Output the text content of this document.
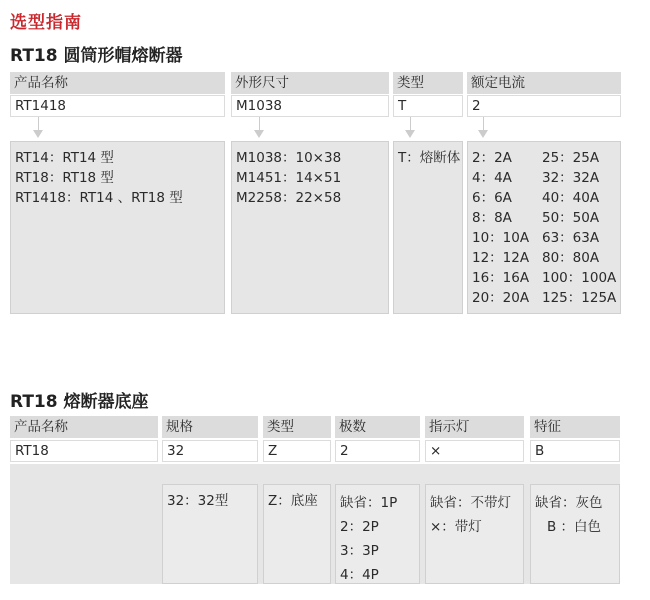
选型指南
RT18 圆筒形帽熔断器
产品名称	外形尺寸	类型	额定电流
RT1418	M1038	T	2
RT14：RT14 型
RT18：RT18 型
RT1418：RT14 、RT18 型
M1038：10×38
M1451：14×51
M2258：22×58
T：熔断体 2：2A	25：25A
4：4A	32：32A
6：6A	40：40A
8：8A	50：50A
10：10A 63：63A
12：12A 80：80A
16：16A 100：100A
20：20A 125：125A
RT18 熔断器底座
产品名称	规格	类型	极数	指示灯	特征
RT18	32	Z	2	×	B
32：32型	Z：底座	缺省：1P
2：2P
3：3P
4：4P
缺省：不带灯
×：带灯
缺省：灰色
B ：白色
